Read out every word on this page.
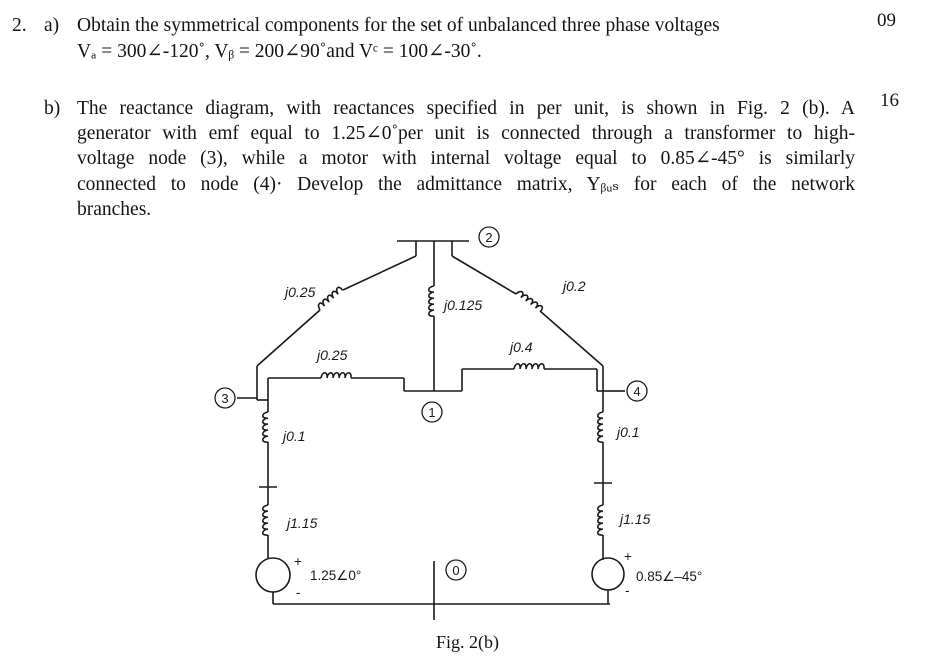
2. a) Obtain the symmetrical components for the set of unbalanced three phase voltages
Vₐ = 300∠-120˚, Vᵦ = 200∠90˚and Vᶜ = 100∠-30˚.
09
b)	16
The reactance diagram, with reactances specified in per unit, is shown in Fig. 2 (b). A
generator with emf equal to 1.25∠0˚per unit is connected through a transformer to high-
voltage node (3), while a motor with internal voltage equal to 0.85∠-45° is similarly
connected to node (4)· Develop the admittance matrix, Yᵦᵤₛ for each of the network
branches.
3
2
1
4
0
j0.25
j0.125
j0.2
j0.25	j0.4
j0.1	j0.1
j1.15	j1.15
+
1.25∠0°
-
+
0.85∠–45°
-
Fig. 2(b)
